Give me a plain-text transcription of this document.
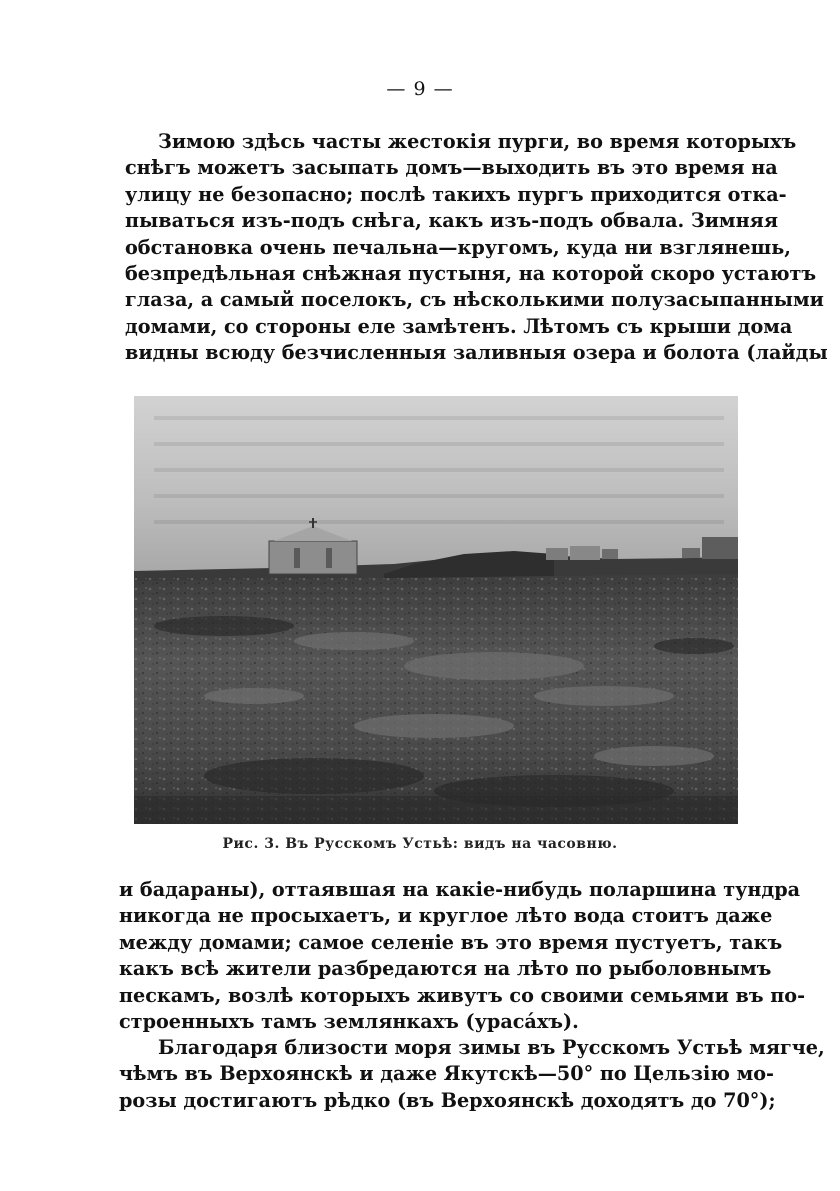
— 9 —
Зимою здѣсь часты жестокія пурги, во время которыхъ
снѣгъ можетъ засыпать домъ—выходить въ это время на
улицу не безопасно; послѣ такихъ пургъ приходится отка-
пываться изъ-подъ снѣга, какъ изъ-подъ обвала. Зимняя
обстановка очень печальна—кругомъ, куда ни взглянешь,
безпредѣльная снѣжная пустыня, на которой скоро устаютъ
глаза, а самый поселокъ, съ нѣсколькими полузасыпанными
домами, со стороны еле замѣтенъ. Лѣтомъ съ крыши дома
видны всюду безчисленныя заливныя озера и болота (лайды
Рис. 3. Въ Русскомъ Устьѣ: видъ на часовню.
и бадараны), оттаявшая на какіе-нибудь поларшина тундра
никогда не просыхаетъ, и круглое лѣто вода стоитъ даже
между домами; самое селеніе въ это время пустуетъ, такъ
какъ всѣ жители разбредаются на лѣто по рыболовнымъ
пескамъ, возлѣ которыхъ живутъ со своими семьями въ по-
строенныхъ тамъ землянкахъ (урасáхъ).
Благодаря близости моря зимы въ Русскомъ Устьѣ мягче,
чѣмъ въ Верхоянскѣ и даже Якутскѣ—50° по Цельзію мо-
розы достигаютъ рѣдко (въ Верхоянскѣ доходятъ до 70°);
